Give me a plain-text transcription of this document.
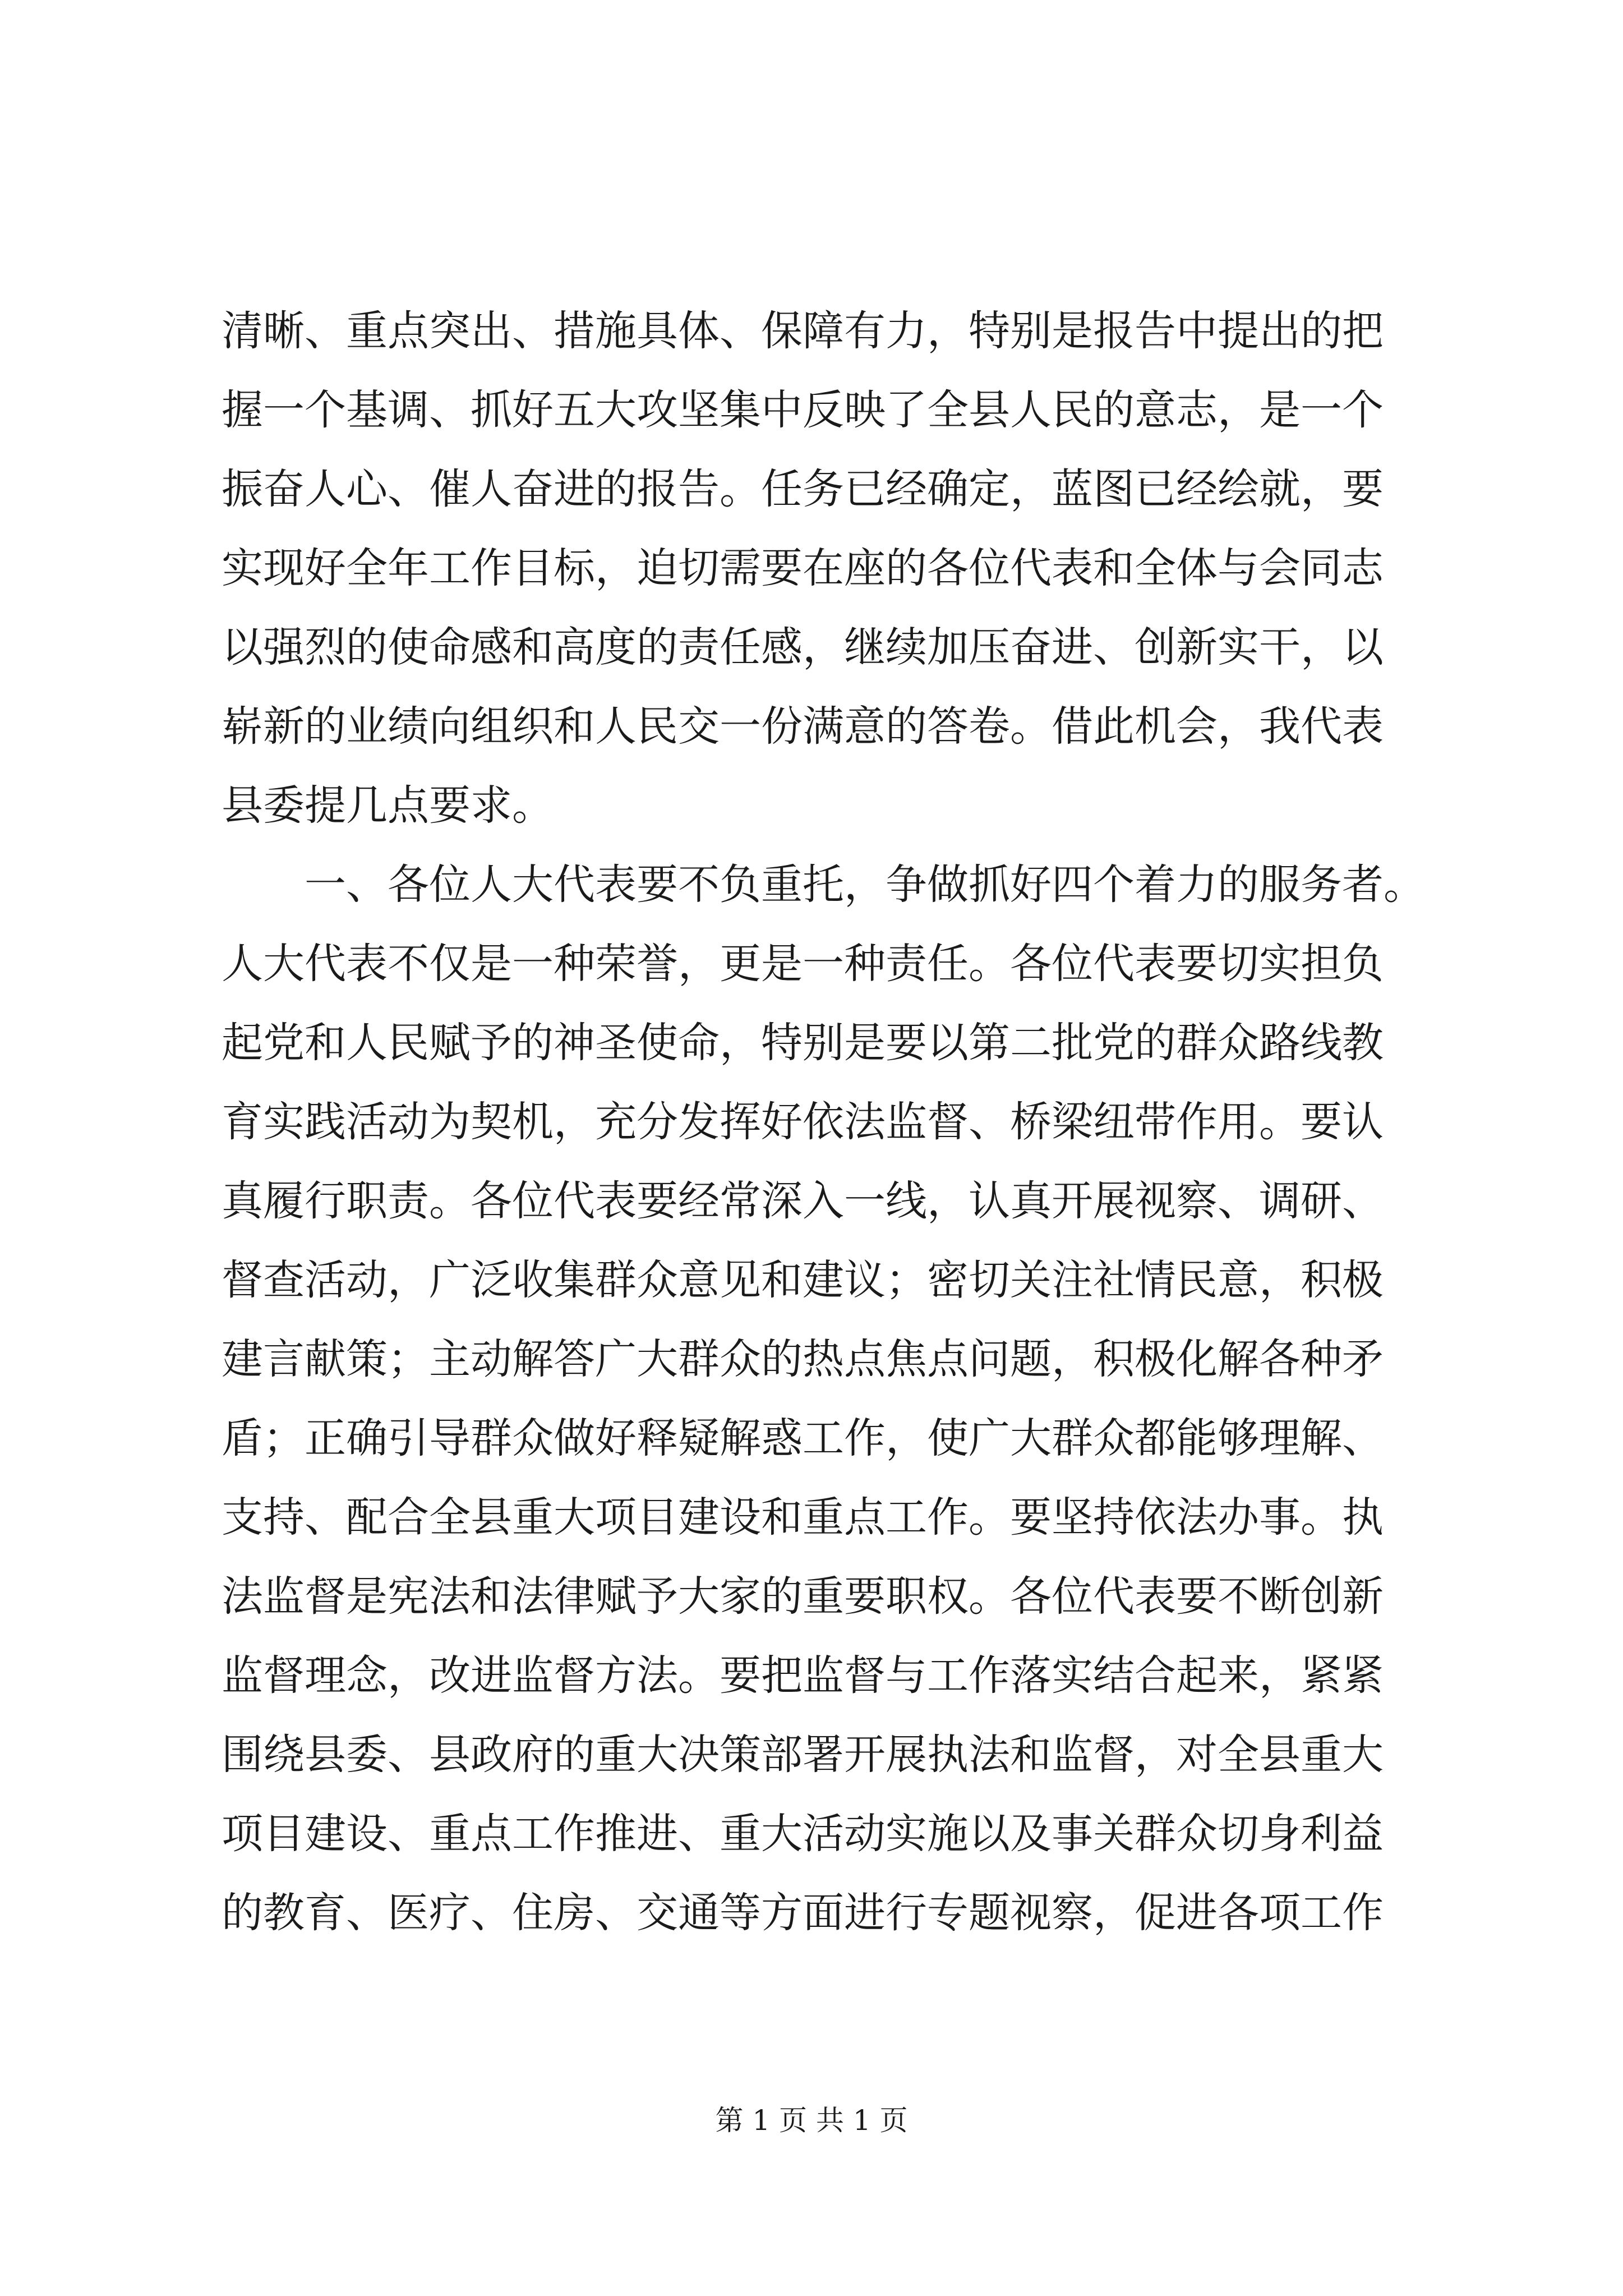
清晰、重点突出、措施具体、保障有力，特别是报告中提出的把
握一个基调、抓好五大攻坚集中反映了全县人民的意志，是一个
振奋人心、催人奋进的报告。任务已经确定，蓝图已经绘就，要
实现好全年工作目标，迫切需要在座的各位代表和全体与会同志
以强烈的使命感和高度的责任感，继续加压奋进、创新实干，以
崭新的业绩向组织和人民交一份满意的答卷。借此机会，我代表
县委提几点要求。
一、各位人大代表要不负重托，争做抓好四个着力的服务者。
人大代表不仅是一种荣誉，更是一种责任。各位代表要切实担负
起党和人民赋予的神圣使命，特别是要以第二批党的群众路线教
育实践活动为契机，充分发挥好依法监督、桥梁纽带作用。要认
真履行职责。各位代表要经常深入一线，认真开展视察、调研、
督查活动，广泛收集群众意见和建议；密切关注社情民意，积极
建言献策；主动解答广大群众的热点焦点问题，积极化解各种矛
盾；正确引导群众做好释疑解惑工作，使广大群众都能够理解、
支持、配合全县重大项目建设和重点工作。要坚持依法办事。执
法监督是宪法和法律赋予大家的重要职权。各位代表要不断创新
监督理念，改进监督方法。要把监督与工作落实结合起来，紧紧
围绕县委、县政府的重大决策部署开展执法和监督，对全县重大
项目建设、重点工作推进、重大活动实施以及事关群众切身利益
的教育、医疗、住房、交通等方面进行专题视察，促进各项工作
第 1 页 共 1 页
